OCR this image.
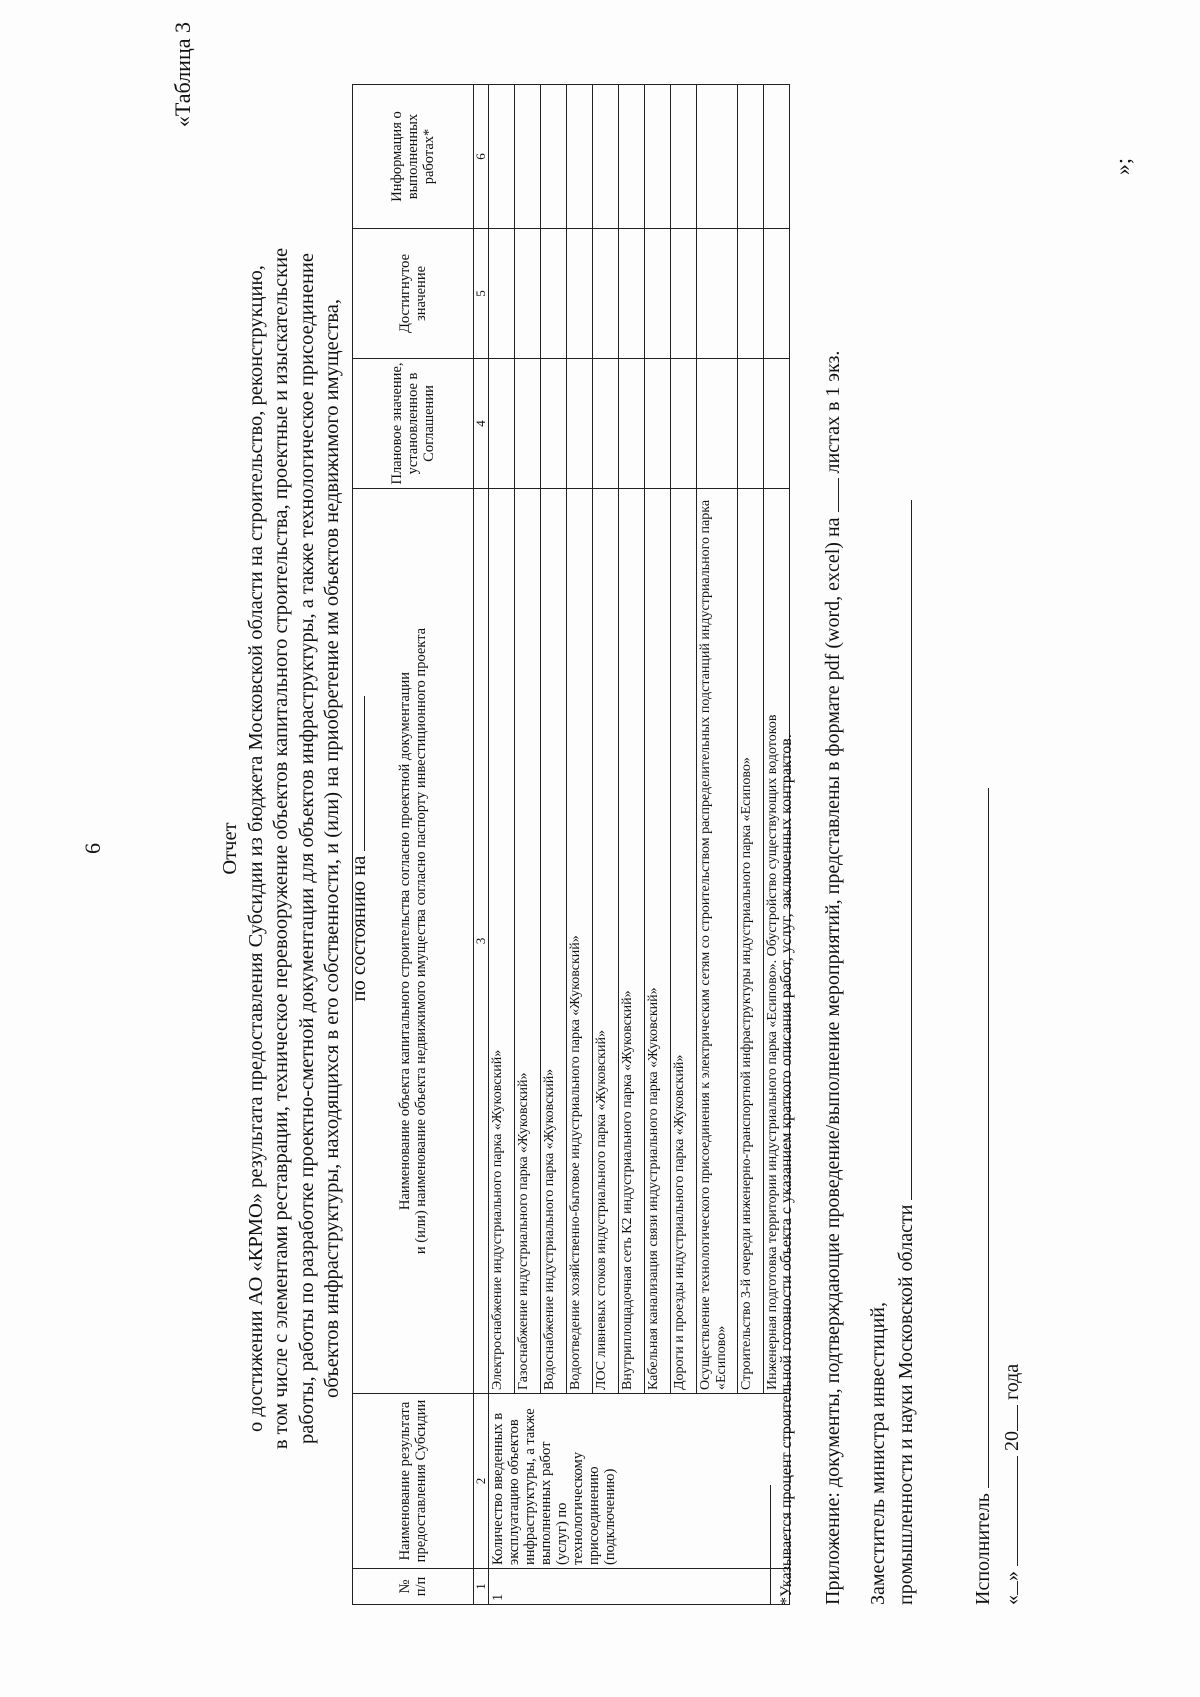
6
«Таблица 3
Отчет о достижении АО «КРМО» результата предоставления Субсидии из бюджета Московской области на строительство, реконструкцию, в том числе с элементами реставрации, техническое перевооружение объектов капитального строительства, проектные и изыскательские работы, работы по разработке проектно-сметной документации для объектов инфраструктуры, а также технологическое присоединение объектов инфраструктуры, находящихся в его собственности, и (или) на приобретение им объектов недвижимого имущества, по состоянию на
№ п/п	Наименование результата предоставления Субсидии	Наименование объекта капитального строительства согласно проектной документации и (или) наименование объекта недвижимого имущества согласно паспорту инвестиционного проекта	Плановое значение, установленное в Соглашении	Достигнутое значение	Информация о выполненных работах*
1	2	3	4	5	6
1	Количество введенных в эксплуатацию объектов инфраструктуры, а также выполненных работ (услуг) по технологическому присоединению (подключению)	Электроснабжение индустриального парка «Жуковский»			
		Газоснабжение индустриального парка «Жуковский»			
		Водоснабжение индустриального парка «Жуковский»			
		Водоотведение хозяйственно-бытовое индустриального парка «Жуковский»			
		ЛОС ливневых стоков индустриального парка «Жуковский»			
		Внутриплощадочная сеть К2 индустриального парка «Жуковский»			
		Кабельная канализация связи индустриального парка «Жуковский»			
		Дороги и проезды индустриального парка «Жуковский»			
		Осуществление технологического присоединения к электрическим сетям со строительством распределительных подстанций индустриального парка «Есипово»			
		Строительство 3-й очереди инженерно-транспортной инфраструктуры индустриального парка «Есипово»			
		Инженерная подготовка территории индустриального парка «Есипово». Обустройство существующих водотоков			
*Указывается процент строительной готовности объекта с указанием краткого описания работ, услуг, заключенных контрактов. Приложение: документы, подтверждающие проведение/выполнение мероприятий, представлены в формате pdf (word, excel) на  листах в 1 экз.
Заместитель министра инвестиций, промышленности и науки Московской области	Исполнитель «»  20 года
»;
